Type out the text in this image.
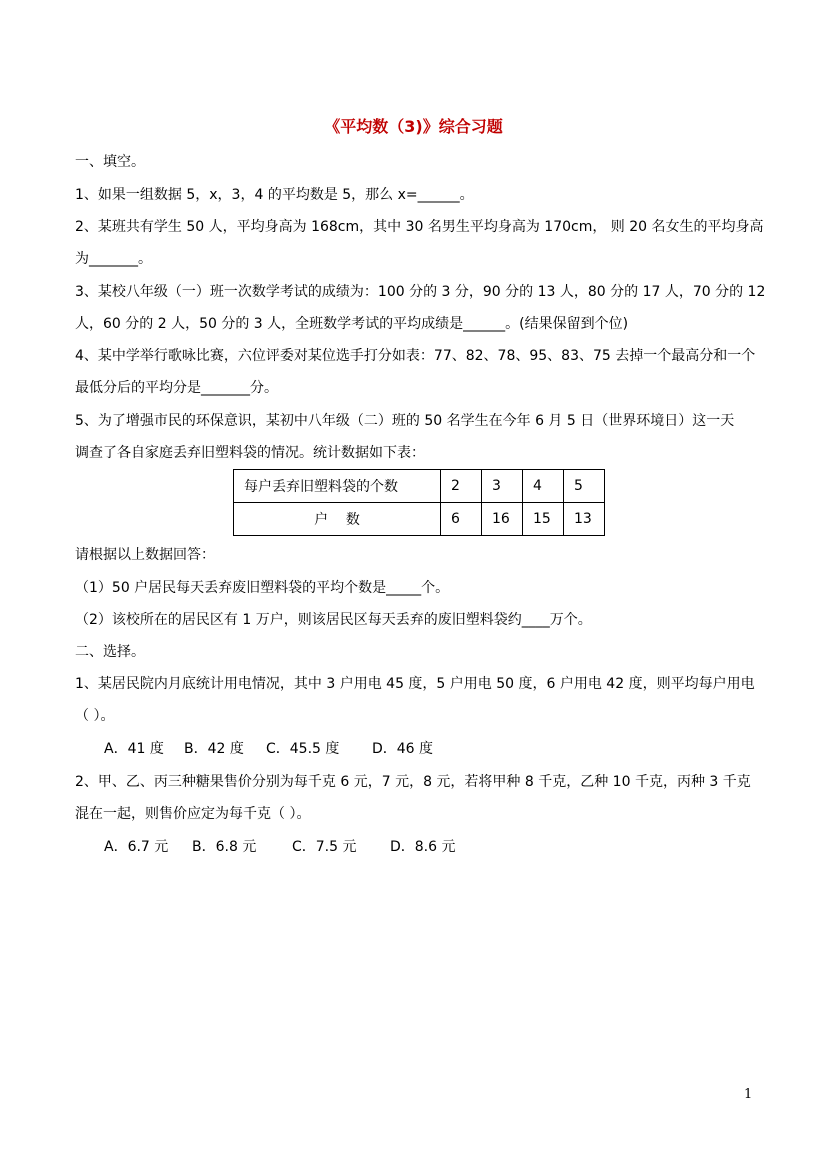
《平均数（3)》综合习题
一、填空。
1、如果一组数据 5，x，3，4 的平均数是 5，那么 x=______。
2、某班共有学生 50 人，平均身高为 168cm，其中 30 名男生平均身高为 170cm， 则 20 名女生的平均身高
为_______。
3、某校八年级（一）班一次数学考试的成绩为：100 分的 3 分，90 分的 13 人，80 分的 17 人，70 分的 12
人，60 分的 2 人，50 分的 3 人，全班数学考试的平均成绩是______。(结果保留到个位)
4、某中学举行歌咏比赛，六位评委对某位选手打分如表：77、82、78、95、83、75 去掉一个最高分和一个
最低分后的平均分是_______分。
5、为了增强市民的环保意识，某初中八年级（二）班的 50 名学生在今年 6 月 5 日（世界环境日）这一天
调查了各自家庭丢弃旧塑料袋的情况。统计数据如下表：
每户丢弃旧塑料袋的个数	2	3	4	5
户    数	6	16	15	13
请根据以上数据回答：
（1）50 户居民每天丢弃废旧塑料袋的平均个数是_____个。
（2）该校所在的居民区有 1 万户，则该居民区每天丢弃的废旧塑料袋约____万个。
二、选择。
1、某居民院内月底统计用电情况，其中 3 户用电 45 度，5 户用电 50 度，6 户用电 42 度，则平均每户用电
（ ）。
A．41 度 B．42 度 C．45.5 度 D．46 度
2、甲、乙、丙三种糖果售价分别为每千克 6 元，7 元，8 元，若将甲种 8 千克，乙种 10 千克，丙种 3 千克
混在一起，则售价应定为每千克（ ）。
A．6.7 元 B．6.8 元	C．7.5 元 D．8.6 元
1
